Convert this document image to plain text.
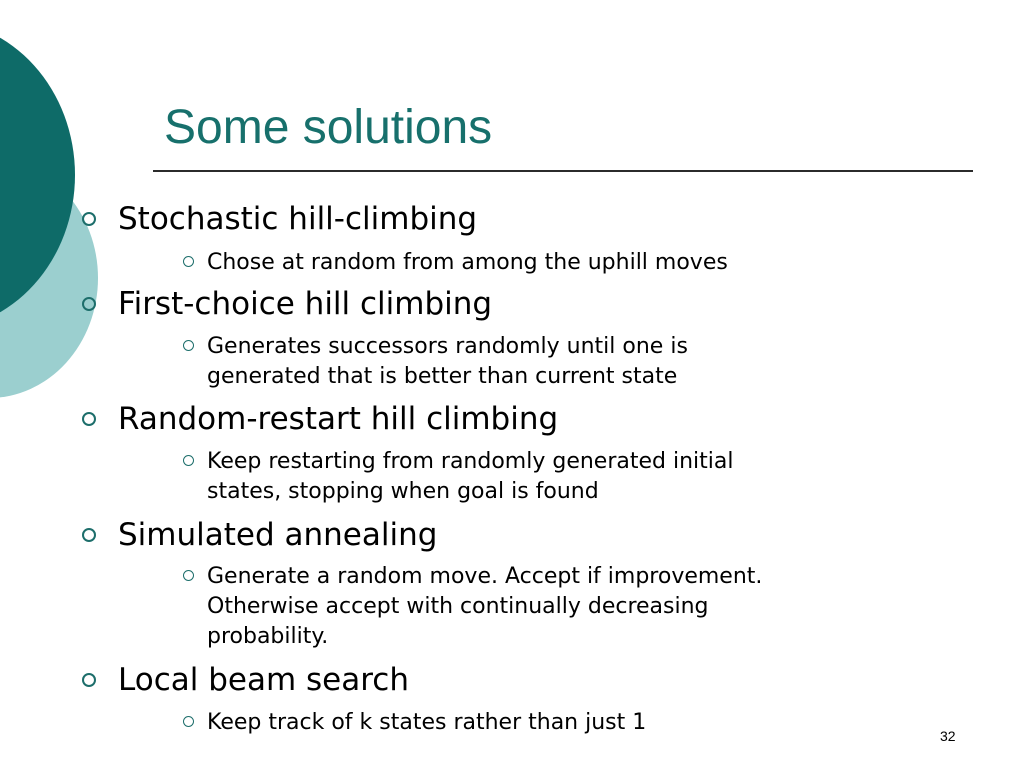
Some solutions
Stochastic hill-climbing
Chose at random from among the uphill moves
First-choice hill climbing
Generates successors randomly until one is
generated that is better than current state
Random-restart hill climbing
Keep restarting from randomly generated initial
states, stopping when goal is found
Simulated annealing
Generate a random move. Accept if improvement.
Otherwise accept with continually decreasing
probability.
Local beam search
Keep track of k states rather than just 1
32
